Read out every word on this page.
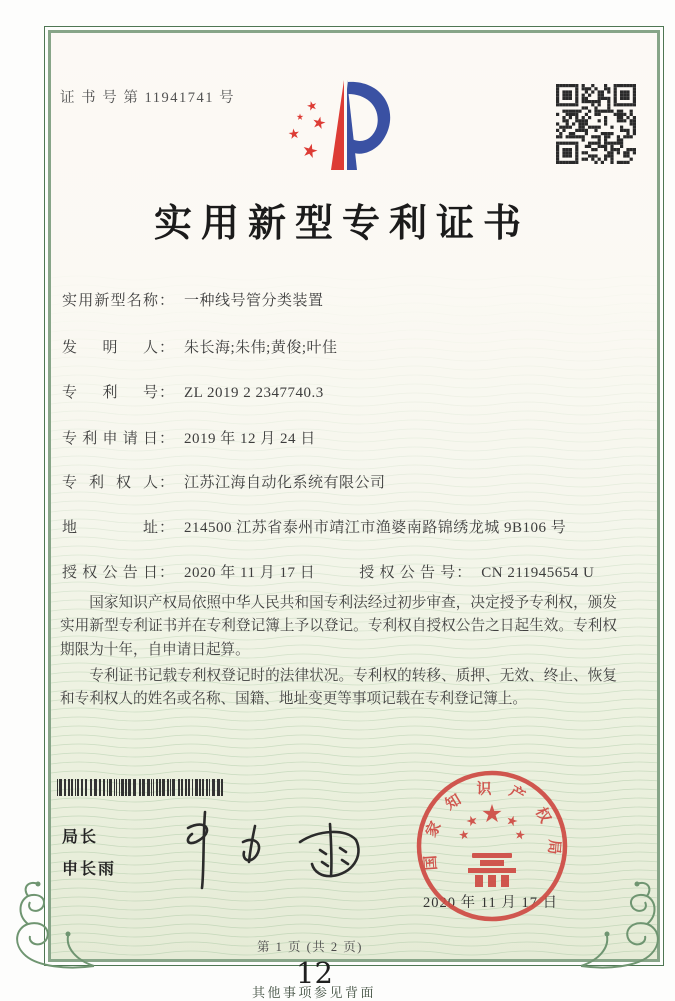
证 书 号 第 11941741 号
实用新型专利证书
实用新型名称： 一种线号管分类装置
发明人： 朱长海;朱伟;黄俊;叶佳
专利号： ZL 2019 2 2347740.3
专利申请日： 2019 年 12 月 24 日
专利权人： 江苏江海自动化系统有限公司
地址： 214500 江苏省泰州市靖江市渔婆南路锦绣龙城 9B106 号
授权公告日： 2020 年 11 月 17 日	授权公告号： CN 211945654 U

国家知识产权局依照中华人民共和国专利法经过初步审查，决定授予专利权，颁发实用新型专利证书并在专利登记簿上予以登记。专利权自授权公告之日起生效。专利权期限为十年，自申请日起算。

专利证书记载专利权登记时的法律状况。专利权的转移、质押、无效、终止、恢复和专利权人的姓名或名称、国籍、地址变更等事项记载在专利登记簿上。

局长
申长雨	国家知识产权局
2020 年 11 月 17 日
第 1 页 (共 2 页)
12
其他事项参见背面
